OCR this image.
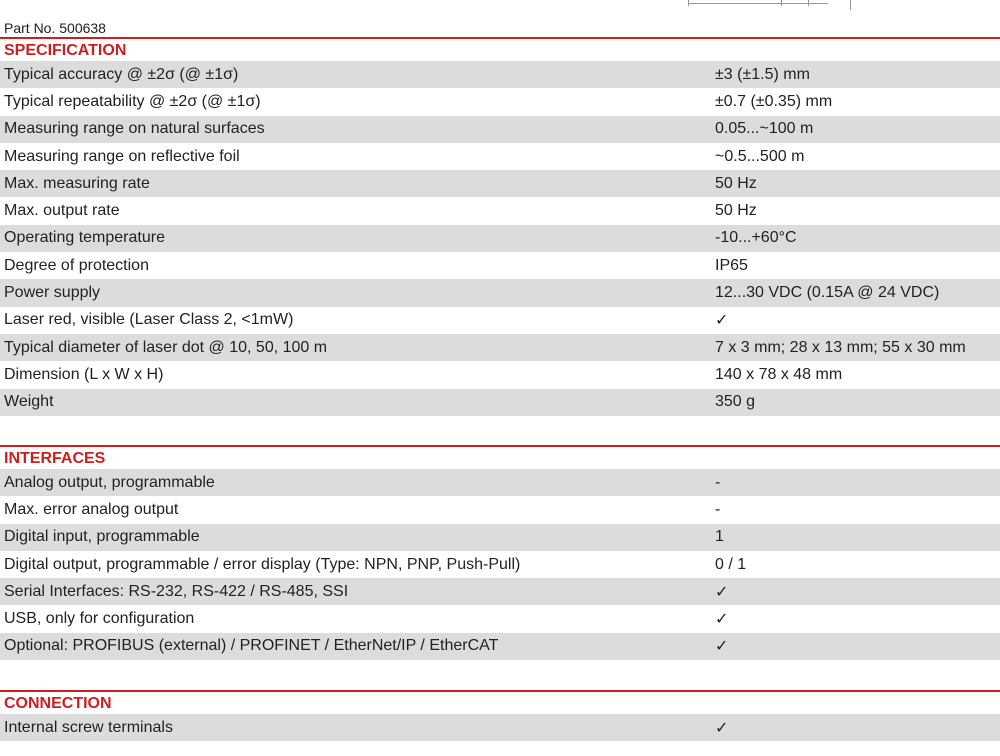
Part No. 500638
SPECIFICATION
Typical accuracy @ ±2σ (@ ±1σ)	±3 (±1.5) mm
Typical repeatability @ ±2σ (@ ±1σ)	±0.7 (±0.35) mm
Measuring range on natural surfaces	0.05...~100 m
Measuring range on reflective foil	~0.5...500 m
Max. measuring rate	50 Hz
Max. output rate	50 Hz
Operating temperature	-10...+60°C
Degree of protection	IP65
Power supply	12...30 VDC (0.15A @ 24 VDC)
Laser red, visible (Laser Class 2, <1mW)	✓
Typical diameter of laser dot @ 10, 50, 100 m	7 x 3 mm; 28 x 13 mm; 55 x 30 mm
Dimension (L x W x H)	140 x 78 x 48 mm
Weight	350 g
INTERFACES
Analog output, programmable	-
Max. error analog output	-
Digital input, programmable	1
Digital output, programmable / error display (Type: NPN, PNP, Push-Pull)	0 / 1
Serial Interfaces: RS-232, RS-422 / RS-485, SSI	✓
USB, only for configuration	✓
Optional: PROFIBUS (external) / PROFINET / EtherNet/IP / EtherCAT	✓
CONNECTION
Internal screw terminals	✓
